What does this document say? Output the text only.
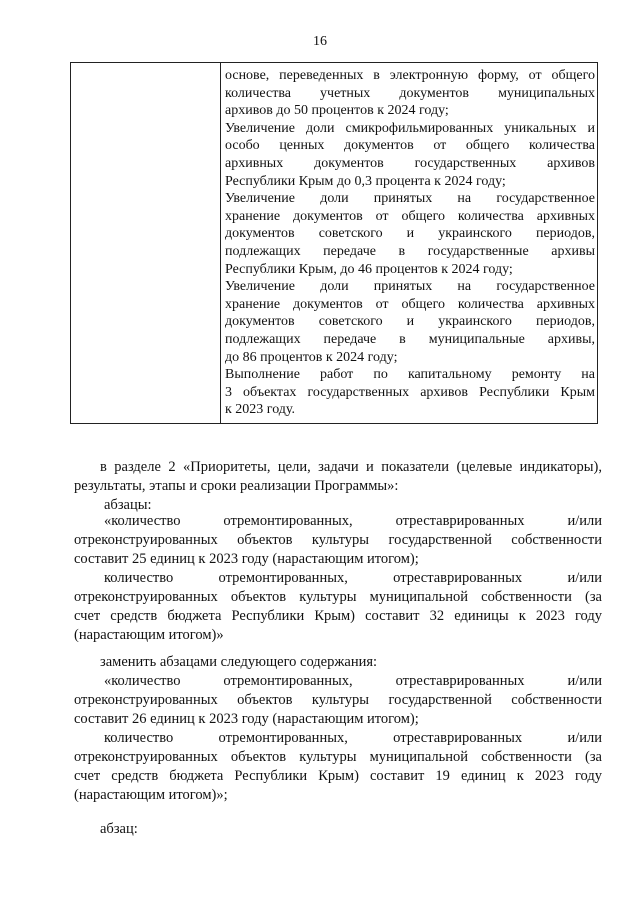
16
основе, переведенных в электронную форму, от общего
количества учетных документов муниципальных
архивов до 50 процентов к 2024 году;
Увеличение доли смикрофильмированных уникальных и
особо ценных документов от общего количества
архивных документов государственных архивов
Республики Крым до 0,3 процента к 2024 году;
Увеличение доли принятых на государственное
хранение документов от общего количества архивных
документов советского и украинского периодов,
подлежащих передаче в государственные архивы
Республики Крым, до 46 процентов к 2024 году;
Увеличение доли принятых на государственное
хранение документов от общего количества архивных
документов советского и украинского периодов,
подлежащих передаче в муниципальные архивы,
до 86 процентов к 2024 году;
Выполнение работ по капитальному ремонту на
3 объектах государственных архивов Республики Крым
к 2023 году.
в разделе 2 «Приоритеты, цели, задачи и показатели (целевые индикаторы),
результаты, этапы и сроки реализации Программы»:
абзацы:
«количество отремонтированных, отреставрированных и/или
отреконструированных объектов культуры государственной собственности
составит 25 единиц к 2023 году (нарастающим итогом);
количество отремонтированных, отреставрированных и/или
отреконструированных объектов культуры муниципальной собственности (за
счет средств бюджета Республики Крым) составит 32 единицы к 2023 году
(нарастающим итогом)»
заменить абзацами следующего содержания:
«количество отремонтированных, отреставрированных и/или
отреконструированных объектов культуры государственной собственности
составит 26 единиц к 2023 году (нарастающим итогом);
количество отремонтированных, отреставрированных и/или
отреконструированных объектов культуры муниципальной собственности (за
счет средств бюджета Республики Крым) составит 19 единиц к 2023 году
(нарастающим итогом)»;
абзац:
